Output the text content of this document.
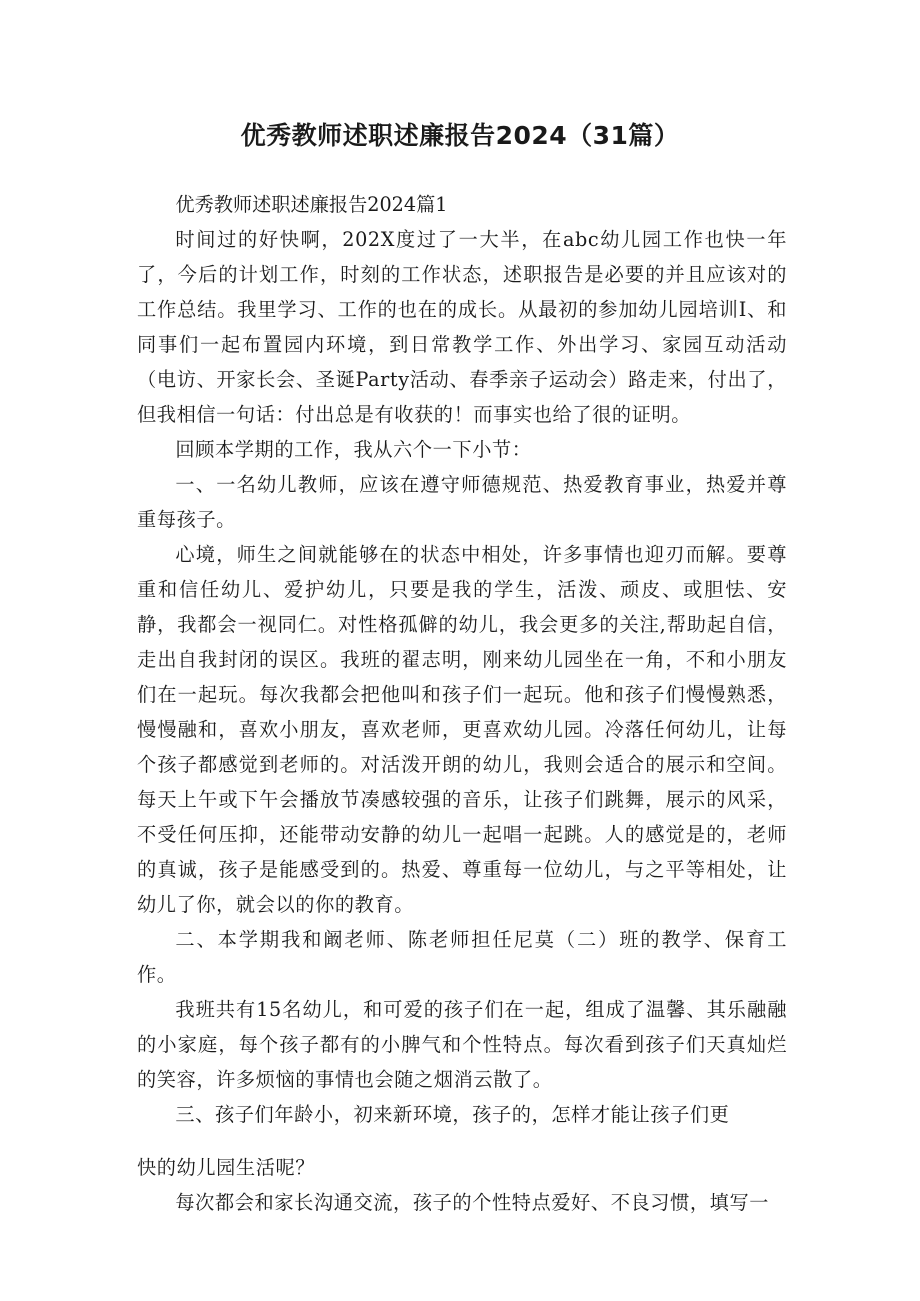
优秀教师述职述廉报告2024（31篇）

优秀教师述职述廉报告2024篇1

时间过的好快啊，202X度过了一大半，在abc幼儿园工作也快一年了，今后的计划工作，时刻的工作状态，述职报告是必要的并且应该对的工作总结。我里学习、工作的也在的成长。从最初的参加幼儿园培训I、和同事们一起布置园内环境，到日常教学工作、外出学习、家园互动活动（电访、开家长会、圣诞Party活动、春季亲子运动会）路走来，付出了，但我相信一句话：付出总是有收获的！而事实也给了很的证明。

回顾本学期的工作，我从六个一下小节：

一、一名幼儿教师，应该在遵守师德规范、热爱教育事业，热爱并尊重每孩子。

心境，师生之间就能够在的状态中相处，许多事情也迎刃而解。要尊重和信任幼儿、爱护幼儿，只要是我的学生，活泼、顽皮、或胆怯、安静，我都会一视同仁。对性格孤僻的幼儿，我会更多的关注,帮助起自信，走出自我封闭的误区。我班的翟志明，刚来幼儿园坐在一角，不和小朋友们在一起玩。每次我都会把他叫和孩子们一起玩。他和孩子们慢慢熟悉，慢慢融和，喜欢小朋友，喜欢老师，更喜欢幼儿园。冷落任何幼儿，让每个孩子都感觉到老师的。对活泼开朗的幼儿，我则会适合的展示和空间。每天上午或下午会播放节凑感较强的音乐，让孩子们跳舞，展示的风采，不受任何压抑，还能带动安静的幼儿一起唱一起跳。人的感觉是的，老师的真诚，孩子是能感受到的。热爱、尊重每一位幼儿，与之平等相处，让幼儿了你，就会以的你的教育。

二、本学期我和阚老师、陈老师担任尼莫（二）班的教学、保育工作。

我班共有15名幼儿，和可爱的孩子们在一起，组成了温馨、其乐融融的小家庭，每个孩子都有的小脾气和个性特点。每次看到孩子们天真灿烂的笑容，许多烦恼的事情也会随之烟消云散了。

三、孩子们年龄小，初来新环境，孩子的，怎样才能让孩子们更

快的幼儿园生活呢？

每次都会和家长沟通交流，孩子的个性特点爱好、不良习惯，填写一
